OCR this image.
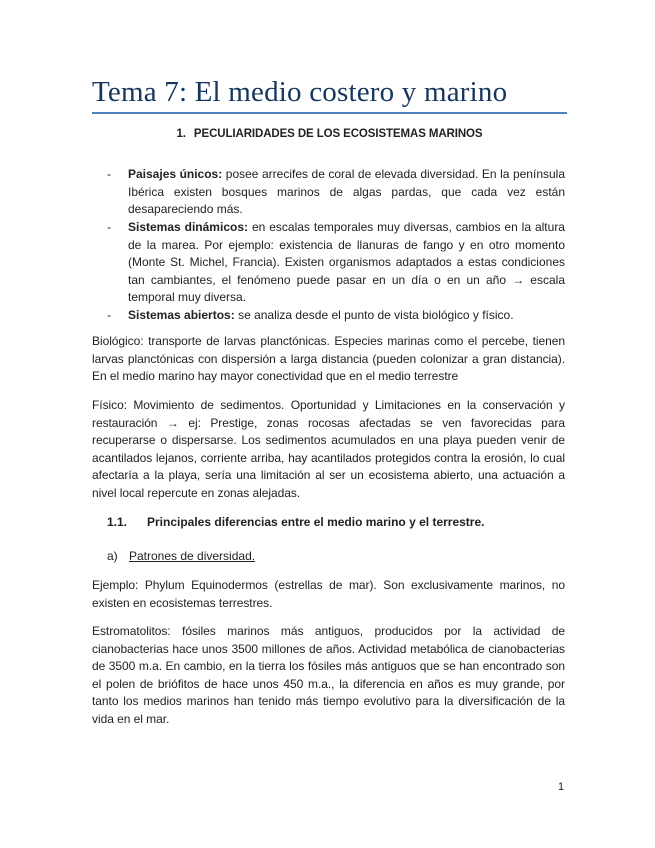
Tema 7: El medio costero y marino
1. PECULIARIDADES DE LOS ECOSISTEMAS MARINOS
- Paisajes únicos: posee arrecifes de coral de elevada diversidad. En la península Ibérica existen bosques marinos de algas pardas, que cada vez están desapareciendo más.
- Sistemas dinámicos: en escalas temporales muy diversas, cambios en la altura de la marea. Por ejemplo: existencia de llanuras de fango y en otro momento (Monte St. Michel, Francia). Existen organismos adaptados a estas condiciones tan cambiantes, el fenómeno puede pasar en un día o en un año → escala temporal muy diversa.
- Sistemas abiertos: se analiza desde el punto de vista biológico y físico.
Biológico: transporte de larvas planctónicas. Especies marinas como el percebe, tienen larvas planctónicas con dispersión a larga distancia (pueden colonizar a gran distancia). En el medio marino hay mayor conectividad que en el medio terrestre
Físico: Movimiento de sedimentos. Oportunidad y Limitaciones en la conservación y restauración → ej: Prestige, zonas rocosas afectadas se ven favorecidas para recuperarse o dispersarse. Los sedimentos acumulados en una playa pueden venir de acantilados lejanos, corriente arriba, hay acantilados protegidos contra la erosión, lo cual afectaría a la playa, sería una limitación al ser un ecosistema abierto, una actuación a nivel local repercute en zonas alejadas.
1.1. Principales diferencias entre el medio marino y el terrestre.
a) Patrones de diversidad.
Ejemplo: Phylum Equinodermos (estrellas de mar). Son exclusivamente marinos, no existen en ecosistemas terrestres.
Estromatolitos: fósiles marinos más antiguos, producidos por la actividad de cianobacterias hace unos 3500 millones de años. Actividad metabólica de cianobacterias de 3500 m.a. En cambio, en la tierra los fósiles más antiguos que se han encontrado son el polen de briófitos de hace unos 450 m.a., la diferencia en años es muy grande, por tanto los medios marinos han tenido más tiempo evolutivo para la diversificación de la vida en el mar.
1
